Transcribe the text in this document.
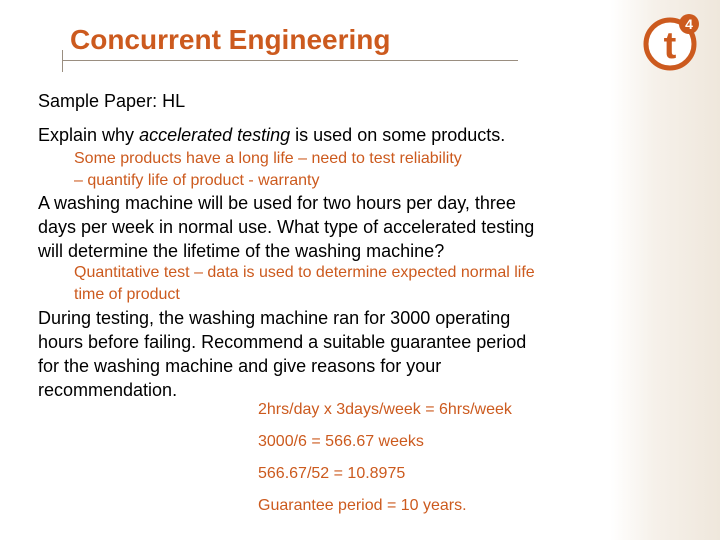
Concurrent Engineering	t
4
Sample Paper: HL
Explain why accelerated testing is used on some products.
Some products have a long life – need to test reliability
– quantify life of product - warranty
A washing machine will be used for two hours per day, three
days per week in normal use. What type of accelerated testing
will determine the lifetime of the washing machine?
Quantitative test – data is used to determine expected normal life
time of product
During testing, the washing machine ran for 3000 operating
hours before failing. Recommend a suitable guarantee period
for the washing machine and give reasons for your
recommendation.
2hrs/day x 3days/week = 6hrs/week
3000/6 = 566.67 weeks
566.67/52 = 10.8975
Guarantee period = 10 years.
